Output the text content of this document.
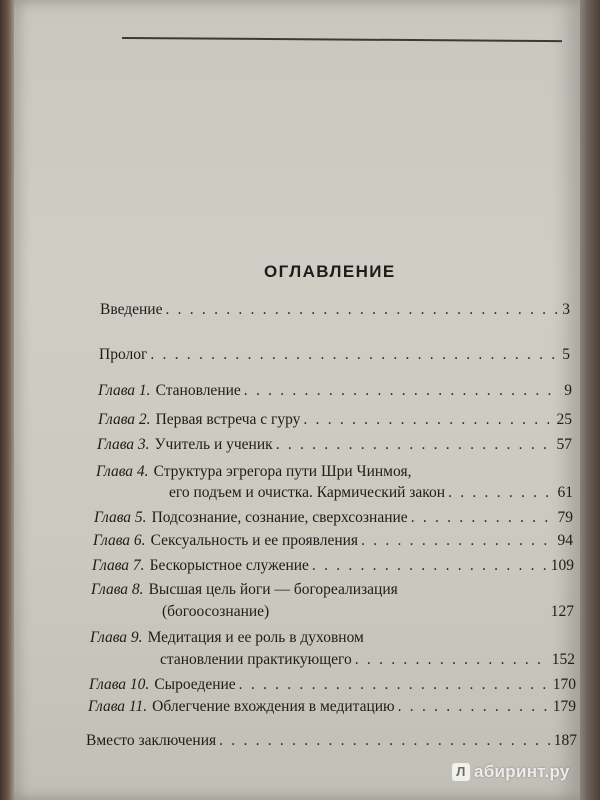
ОГЛАВЛЕНИЕ
Введение . . .	3
Пролог . . .	5
Глава 1. Становление . . .	9
Глава 2. Первая встреча с гуру . . .	25
Глава 3. Учитель и ученик . . .	57
Глава 4. Структура эгрегора пути Шри Чинмоя,
его подъем и очистка. Кармический закон . . .	61
Глава 5. Подсознание, сознание, сверхсознание . . .	79
Глава 6. Сексуальность и ее проявления . . .	94
Глава 7. Бескорыстное служение . . .	109
Глава 8. Высшая цель йоги — богореализация
(богоосознание)	127
Глава 9. Медитация и ее роль в духовном
становлении практикующего . . .	152
Глава 10. Сыроедение . . .	170
Глава 11. Облегчение вхождения в медитацию . . .	179
Вместо заключения . . .	187
Л абиринт.ру
